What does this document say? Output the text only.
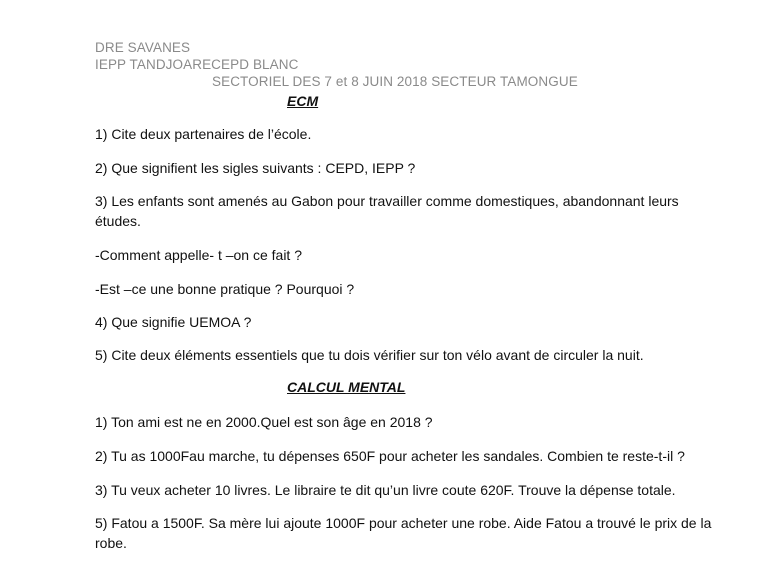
DRE SAVANES
IEPP TANDJOARECEPD BLANC
SECTORIEL DES 7 et 8 JUIN 2018 SECTEUR TAMONGUE
ECM
1) Cite deux partenaires de l’école.
2) Que signifient les sigles suivants : CEPD, IEPP ?
3) Les enfants sont amenés au Gabon pour travailler comme domestiques, abandonnant leurs études.
-Comment appelle- t –on ce fait ?
-Est –ce une bonne pratique ? Pourquoi ?
4) Que signifie UEMOA ?
5) Cite deux éléments essentiels que tu dois vérifier sur ton vélo avant de circuler la nuit.
CALCUL MENTAL
1) Ton ami est ne en 2000.Quel est son âge en 2018 ?
2) Tu as 1000Fau marche, tu dépenses 650F pour acheter les sandales. Combien te reste-t-il ?
3) Tu veux acheter 10 livres. Le libraire te dit qu’un livre coute 620F. Trouve la dépense totale.
5) Fatou a 1500F. Sa mère lui ajoute 1000F pour acheter une robe. Aide Fatou a trouvé le prix de la robe.
